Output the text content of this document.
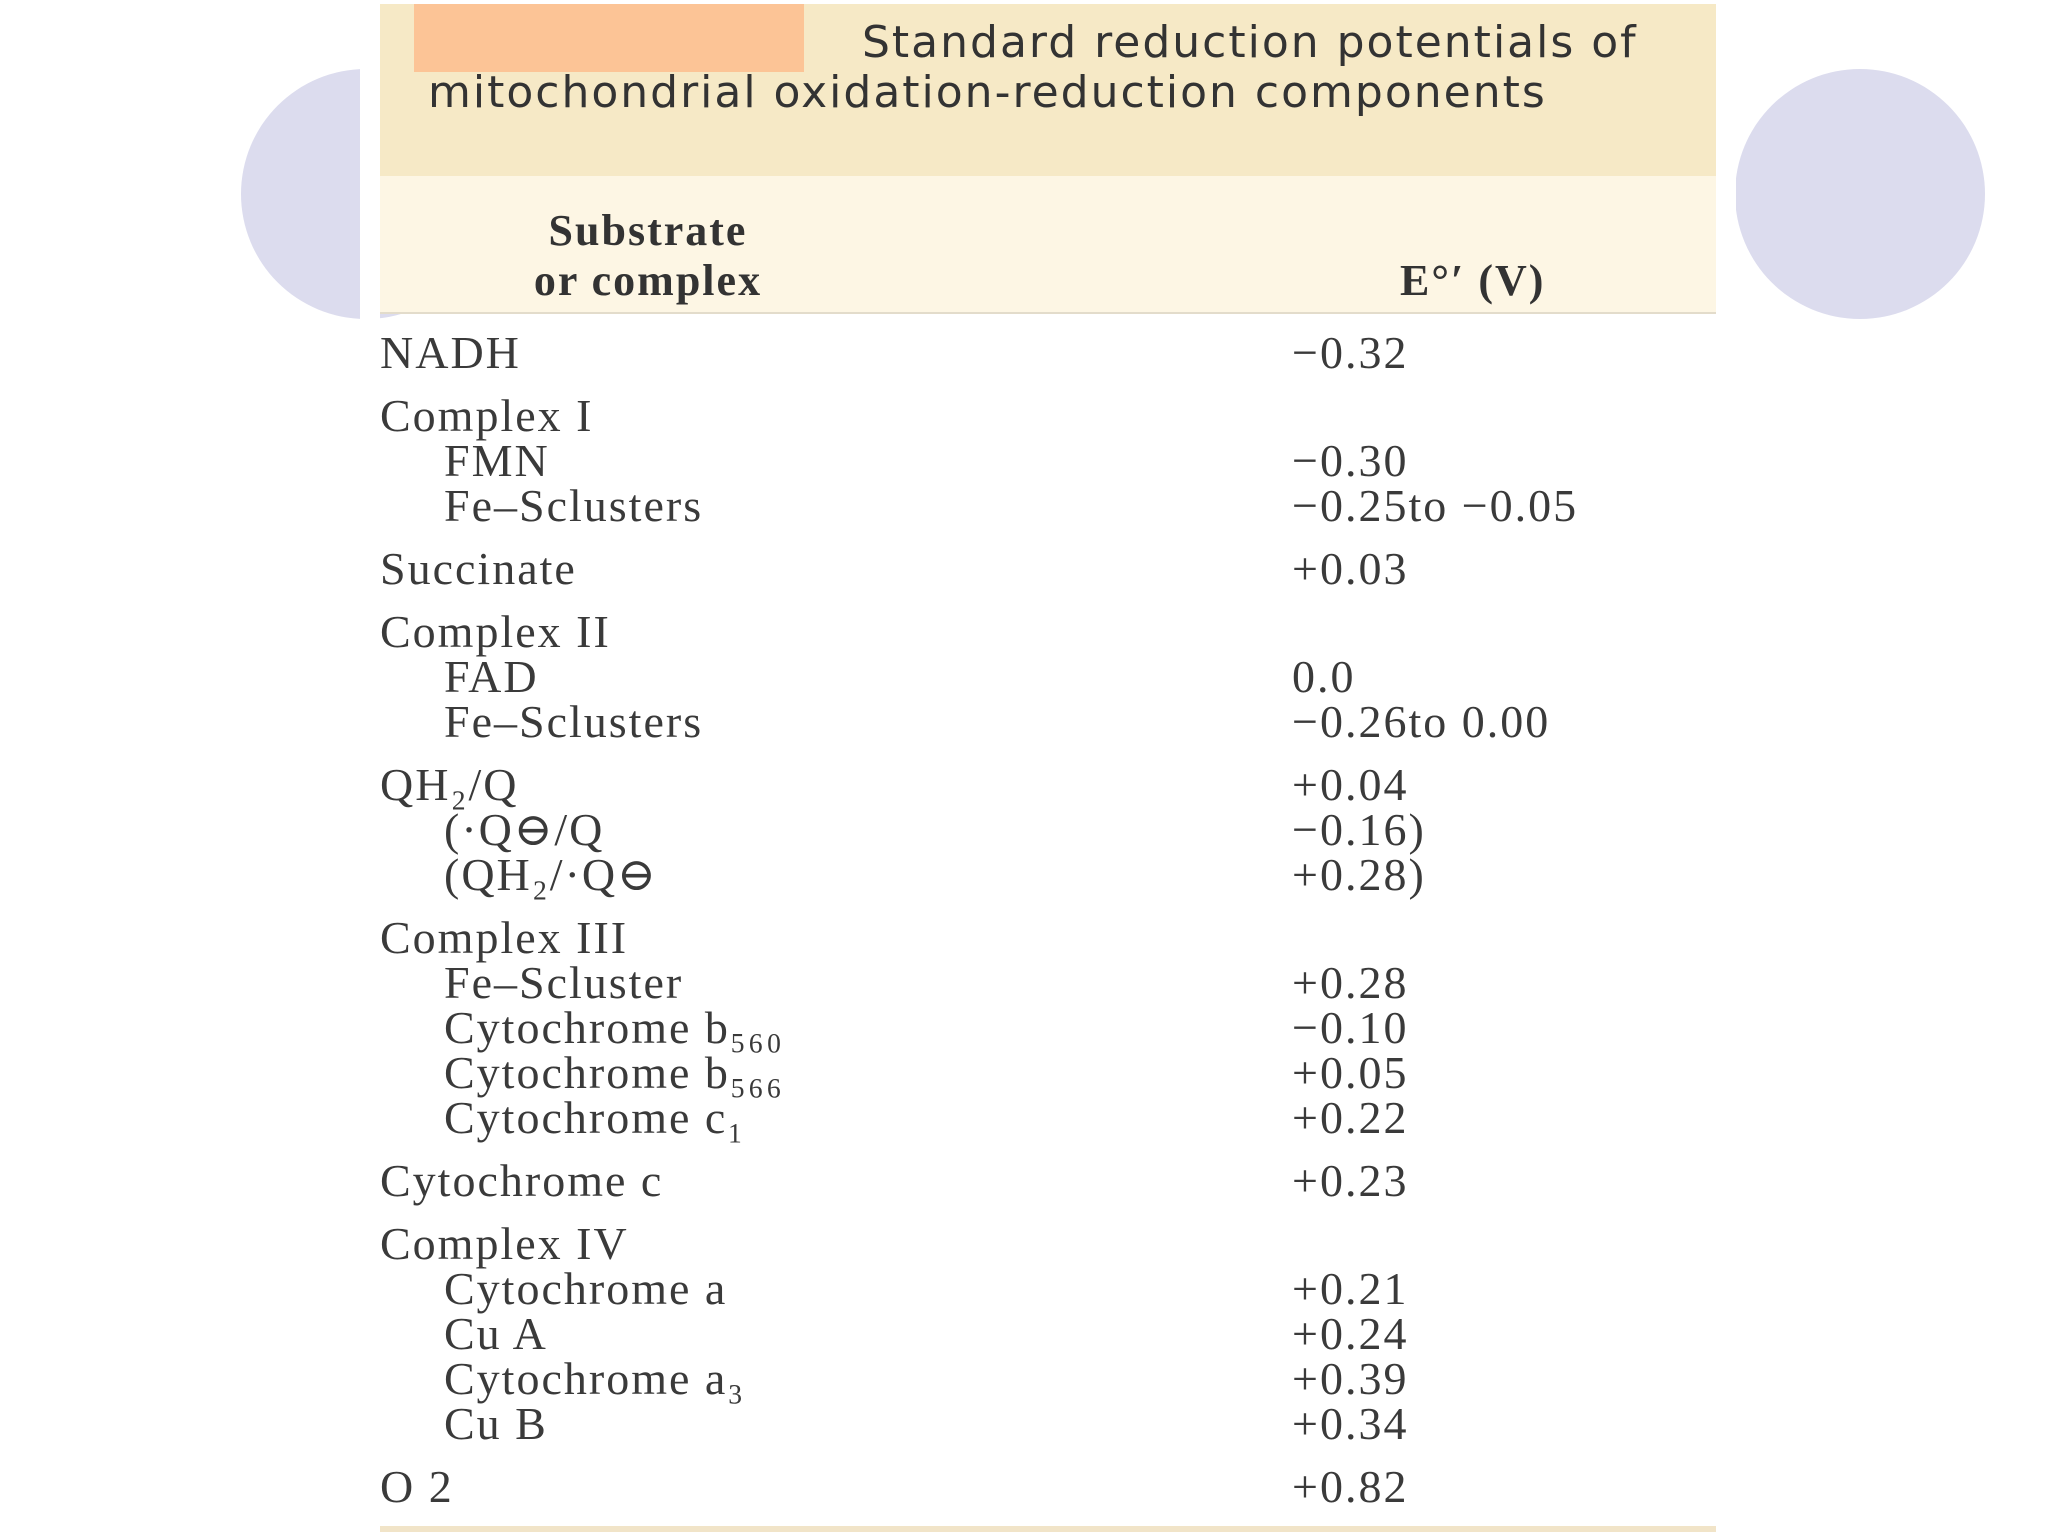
Standard reduction potentials of mitochondrial oxidation-reduction components

Substrate
or complex	E°′ (V)
NADH	−0.32
Complex I
FMN	−0.30
Fe–Sclusters	−0.25to −0.05
Succinate	+0.03
Complex II
FAD	0.0
Fe–Sclusters	−0.26to 0.00
QH₂/Q	+0.04
(·Q⊖/Q	−0.16)
(QH₂/·Q⊖	+0.28)
Complex III
Fe–Scluster	+0.28
Cytochrome b₅₆₀	−0.10
Cytochrome b₅₆₆	+0.05
Cytochrome c₁	+0.22
Cytochrome c	+0.23
Complex IV
Cytochrome a	+0.21
Cu A	+0.24
Cytochrome a₃	+0.39
Cu B	+0.34
O 2	+0.82
